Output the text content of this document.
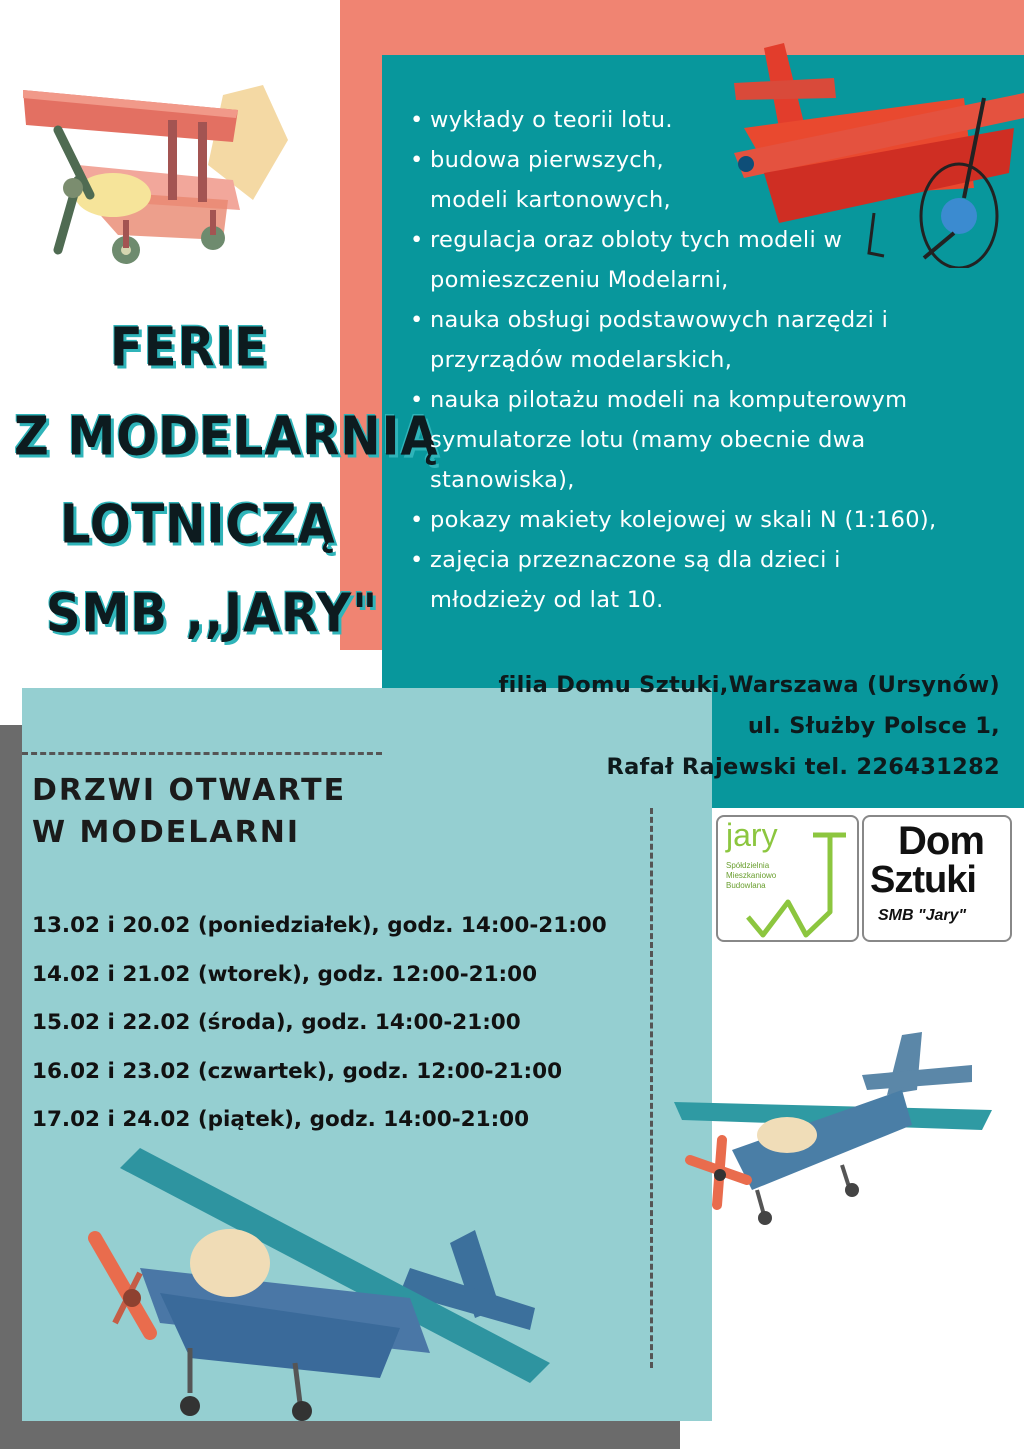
FERIE
Z MODELARNIĄ
LOTNICZĄ
SMB ,,JARY"
• wykłady o teorii lotu.
• budowa pierwszych, modeli kartonowych,
• regulacja oraz obloty tych modeli w pomieszczeniu Modelarni,
• nauka obsługi podstawowych narzędzi i przyrządów modelarskich,
• nauka pilotażu modeli na komputerowym symulatorze lotu (mamy obecnie dwa stanowiska),
• pokazy makiety kolejowej w skali N (1:160),
• zajęcia przeznaczone są dla dzieci i młodzieży od lat 10.
filia Domu Sztuki,Warszawa (Ursynów)
ul. Służby Polsce 1,
Rafał Rajewski tel. 226431282
DRZWI OTWARTE
W MODELARNI
13.02 i 20.02 (poniedziałek), godz. 14:00-21:00
14.02 i 21.02 (wtorek), godz. 12:00-21:00
15.02 i 22.02 (środa), godz. 14:00-21:00
16.02 i 23.02 (czwartek), godz. 12:00-21:00
17.02 i 24.02 (piątek), godz. 14:00-21:00
jary
Spółdzielnia
Mieszkaniowo
Budowlana
Dom
Sztuki
SMB "Jary"
